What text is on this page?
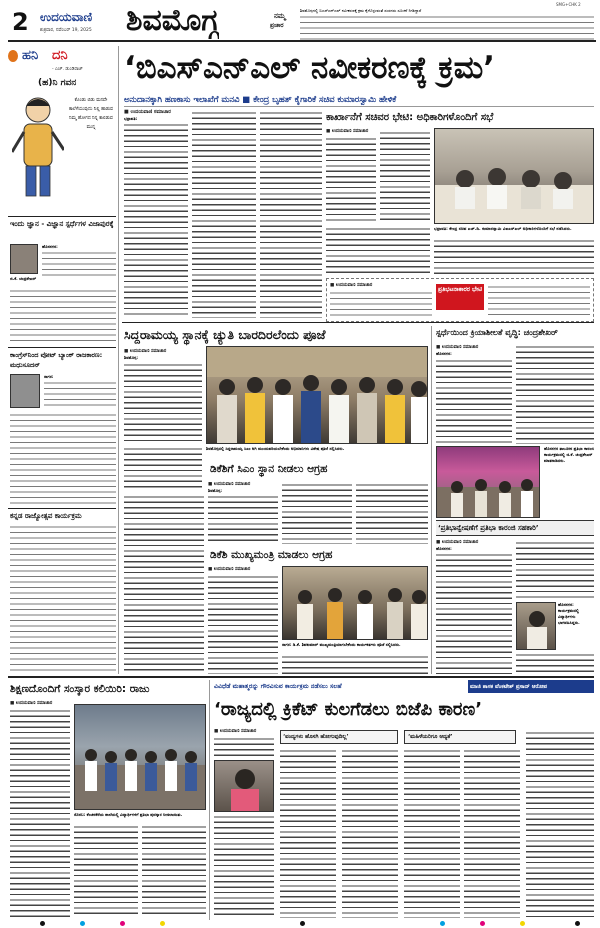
2 ಉದಯವಾಣಿ
ಶುಕ್ರವಾರ, ನವೆಂಬರ್ 19, 2025 ಶಿವಮೊಗ್ಗ	ನಮ್ಮ
ಪ್ರಚಾರ
SMG+CHK 2
ಶಿವಮೊಗ್ಗದಲ್ಲಿ ಬಿಎಸ್‌ಎನ್‌ಎಲ್ ನವೀಕರಣಕ್ಕೆ ಕ್ರಮ ಕೈಗೊಳ್ಳುವಂತೆ ಸಂಸದರು ಸೂಚನೆ ನೀಡಿದ್ದಾರೆ
ಹನಿ ದನಿ
- ಎಚ್. ಡುಂಡಿರಾಜ್
(ಹ)ನಿ ಗವನ
ಕೊಂಡು ಬಿಡು ಮನವೇ ಕಾಲೆಳೆಯುವುದು ನಿಲ್ಲಿ ಹಾಡುವ ನಿಮ್ಮ ಹೋಗದ ನಿನ್ನ ಕಾಲಿಡುವ ಮುನ್ನ
ಇಂದು ಜ್ಞಾನ - ವಿಜ್ಞಾನ ಸ್ಪರ್ಧೆಗಳ ವಿಜಾಪುರಕ್ಕೆ
ಹೊಸನಗರ:
ಜಿ.ಕೆ. ಚಂದ್ರಶೇಖರ್
ಕಾಂಗ್ರೆಸ್‌ನಿಂದ ವೋಟ್ ಬ್ಯಾಂಕ್ ರಾಜಕಾರಣ: ಮಧುಸೂದನ್
ಸಾಗರ:
ಕನ್ನಡ ರಾಜ್ಯೋತ್ಸವ ಕಾರ್ಯಕ್ರಮ
‘ಬಿಎಸ್ಎನ್ಎಲ್ ನವೀಕರಣಕ್ಕೆ ಕ್ರಮ’
ಅನುದಾನಕ್ಕಾಗಿ ಹಣಕಾಸು ಇಲಾಖೆಗೆ ಮನವಿ ■ ಕೇಂದ್ರ ಬೃಹತ್ ಕೈಗಾರಿಕೆ ಸಚಿವ ಕುಮಾರಸ್ವಾಮಿ ಹೇಳಿಕೆ
■ ಉದಯವಾಣಿ ಸಮಾಚಾರ
ಭದ್ರಾವತಿ:	ಕಾರ್ಖಾನೆಗೆ ಸಚಿವರ ಭೇಟಿ: ಅಧಿಕಾರಿಗಳೊಂದಿಗೆ ಸಭೆ
■ ಉದಯವಾಣಿ ಸಮಾಚಾರ
ಭದ್ರಾವತಿ: ಕೇಂದ್ರ ಸಚಿವ ಎಚ್.ಡಿ. ಕುಮಾರಸ್ವಾಮಿ ವಿಐಎಸ್‌ಎಲ್ ಅಧಿಕಾರಿಗಳೊಂದಿಗೆ ಸಭೆ ನಡೆಸಿದರು.
■ ಉದಯವಾಣಿ ಸಮಾಚಾರ
ಪ್ರತಿಭಟನಾಕಾರರ ಭೇಟಿ
ಸಿದ್ದರಾಮಯ್ಯ ಸ್ಥಾನಕ್ಕೆ ಚ್ಯುತಿ ಬಾರದಿರಲೆಂದು ಪೂಜೆ
■ ಉದಯವಾಣಿ ಸಮಾಚಾರ
ಶಿವಮೊಗ್ಗ:
ಶಿವಮೊಗ್ಗದಲ್ಲಿ ಸಿದ್ದರಾಮಯ್ಯ ಸಿಎಂ ಆಗಿ ಮುಂದುವರಿಯಬೇಕೆಂದು ಅಭಿಮಾನಿಗಳು ವಿಶೇಷ ಪೂಜೆ ಸಲ್ಲಿಸಿದರು.
ಡಿಕೆಶಿಗೆ ಸಿಎಂ ಸ್ಥಾನ ನೀಡಲು ಆಗ್ರಹ
■ ಉದಯವಾಣಿ ಸಮಾಚಾರ
ಶಿವಮೊಗ್ಗ:
ಡಿಕೆಶಿ ಮುಖ್ಯಮಂತ್ರಿ ಮಾಡಲು ಆಗ್ರಹ
■ ಉದಯವಾಣಿ ಸಮಾಚಾರ
ಸಾಗರ: ಡಿ.ಕೆ. ಶಿವಕುಮಾರ್ ಮುಖ್ಯಮಂತ್ರಿಯಾಗಬೇಕೆಂದು ಕಾರ್ಯಕರ್ತರು ಪೂಜೆ ಸಲ್ಲಿಸಿದರು.
ಸ್ಪರ್ಧೆಯಿಂದ ಕ್ರಿಯಾಶೀಲತೆ ವೃದ್ಧಿ: ಚಂದ್ರಶೇಖರ್
■ ಉದಯವಾಣಿ ಸಮಾಚಾರ
ಹೊಸನಗರ:
ಹೊಸನಗರ ತಾಲೂಕಿನ ಪ್ರತಿಭಾ ಕಾರಂಜಿ ಕಾರ್ಯಕ್ರಮದಲ್ಲಿ ಜಿ.ಕೆ. ಚಂದ್ರಶೇಖರ್ ಮಾತನಾಡಿದರು.
‘ಪ್ರತಿಭಾನ್ವೇಷಣೆಗೆ ಪ್ರತಿಭಾ ಕಾರಂಜಿ ಸಹಕಾರಿ’
■ ಉದಯವಾಣಿ ಸಮಾಚಾರ
ಹೊಸನಗರ:
ಹೊಸನಗರ: ಕಾರ್ಯಕ್ರಮದಲ್ಲಿ ವಿದ್ಯಾರ್ಥಿಗಳು ಭಾಗವಹಿಸಿದ್ದರು.
ಶಿಕ್ಷಣದೊಂದಿಗೆ ಸಂಸ್ಕಾರ ಕಲಿಯಿರಿ: ರಾಜು
■ ಉದಯವಾಣಿ ಸಮಾಚಾರ
ಸೊರಬ: ಕೆಂಚನಕೆರೆಯ ಶಾಲೆಯಲ್ಲಿ ವಿದ್ಯಾರ್ಥಿಗಳಿಗೆ ಪ್ರತಿಭಾ ಪುರಸ್ಕಾರ ನೀಡಲಾಯಿತು.
ವಿವಿಧೆಡೆ ಮಹಾತ್ಮರನ್ನು ಗೌರವಿಸುವ ಕಾರ್ಯಕ್ರಮ ನಡೆಸಲು ಸಲಹೆ	ಮಾಜಿ ಶಾಸಕ ವೆಂಕಟೇಶ್ ಪ್ರಸಾದ್ ಆರೋಪ
‘ರಾಜ್ಯದಲ್ಲಿ ಕ್ರಿಕೆಟ್ ಕುಲಗೆಡಲು ಬಿಜೆಪಿ ಕಾರಣ’
■ ಉದಯವಾಣಿ ಸಮಾಚಾರ
‘ವಂದ್ಯಗಳು ಹೊಸಗಿ ಹೋಗುವುದಿಲ್ಲ’	‘ಮಹಿಳೆಯರಿಗೂ ಆದ್ಯತೆ’
